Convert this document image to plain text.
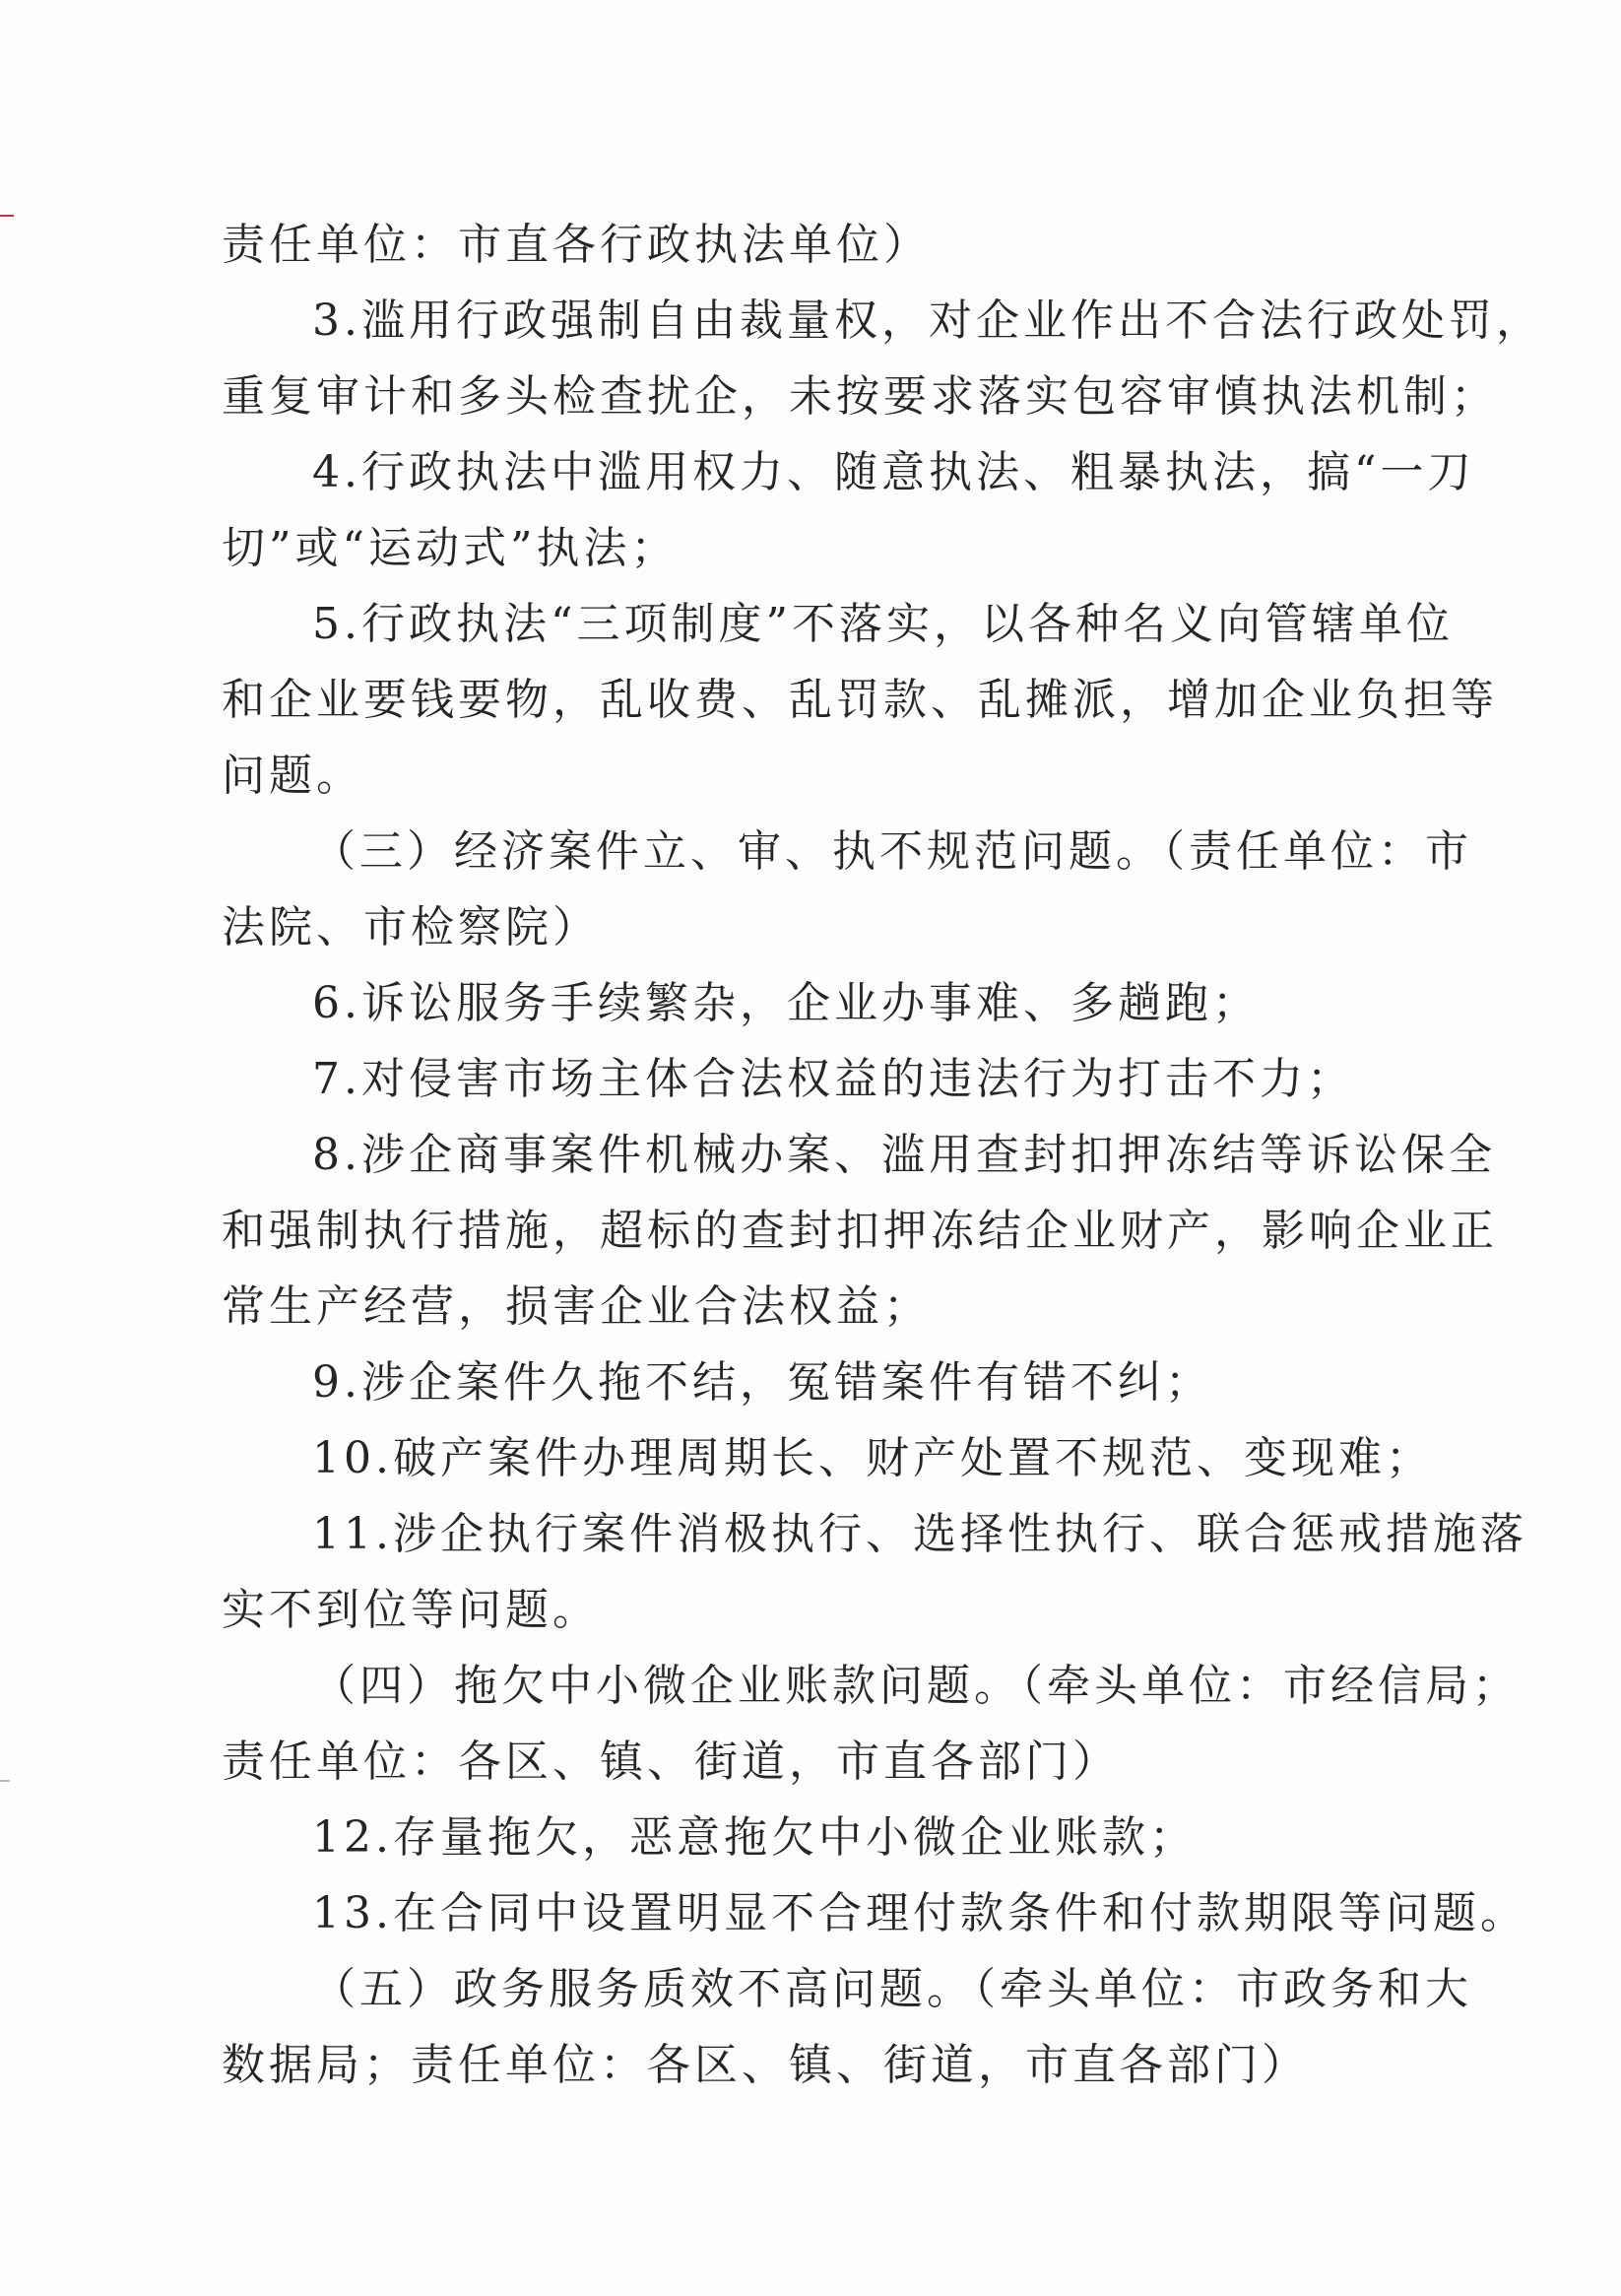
责任单位：市直各行政执法单位）
3.滥用行政强制自由裁量权，对企业作出不合法行政处罚，
重复审计和多头检查扰企，未按要求落实包容审慎执法机制；
4.行政执法中滥用权力、随意执法、粗暴执法，搞“一刀
切”或“运动式”执法；
5.行政执法“三项制度”不落实，以各种名义向管辖单位
和企业要钱要物，乱收费、乱罚款、乱摊派，增加企业负担等
问题。
（三）经济案件立、审、执不规范问题。（责任单位：市
法院、市检察院）
6.诉讼服务手续繁杂，企业办事难、多趟跑；
7.对侵害市场主体合法权益的违法行为打击不力；
8.涉企商事案件机械办案、滥用查封扣押冻结等诉讼保全
和强制执行措施，超标的查封扣押冻结企业财产，影响企业正
常生产经营，损害企业合法权益；
9.涉企案件久拖不结，冤错案件有错不纠；
10.破产案件办理周期长、财产处置不规范、变现难；
11.涉企执行案件消极执行、选择性执行、联合惩戒措施落
实不到位等问题。
（四）拖欠中小微企业账款问题。（牵头单位：市经信局；
责任单位：各区、镇、街道，市直各部门）
12.存量拖欠，恶意拖欠中小微企业账款；
13.在合同中设置明显不合理付款条件和付款期限等问题。
（五）政务服务质效不高问题。（牵头单位：市政务和大
数据局；责任单位：各区、镇、街道，市直各部门）
